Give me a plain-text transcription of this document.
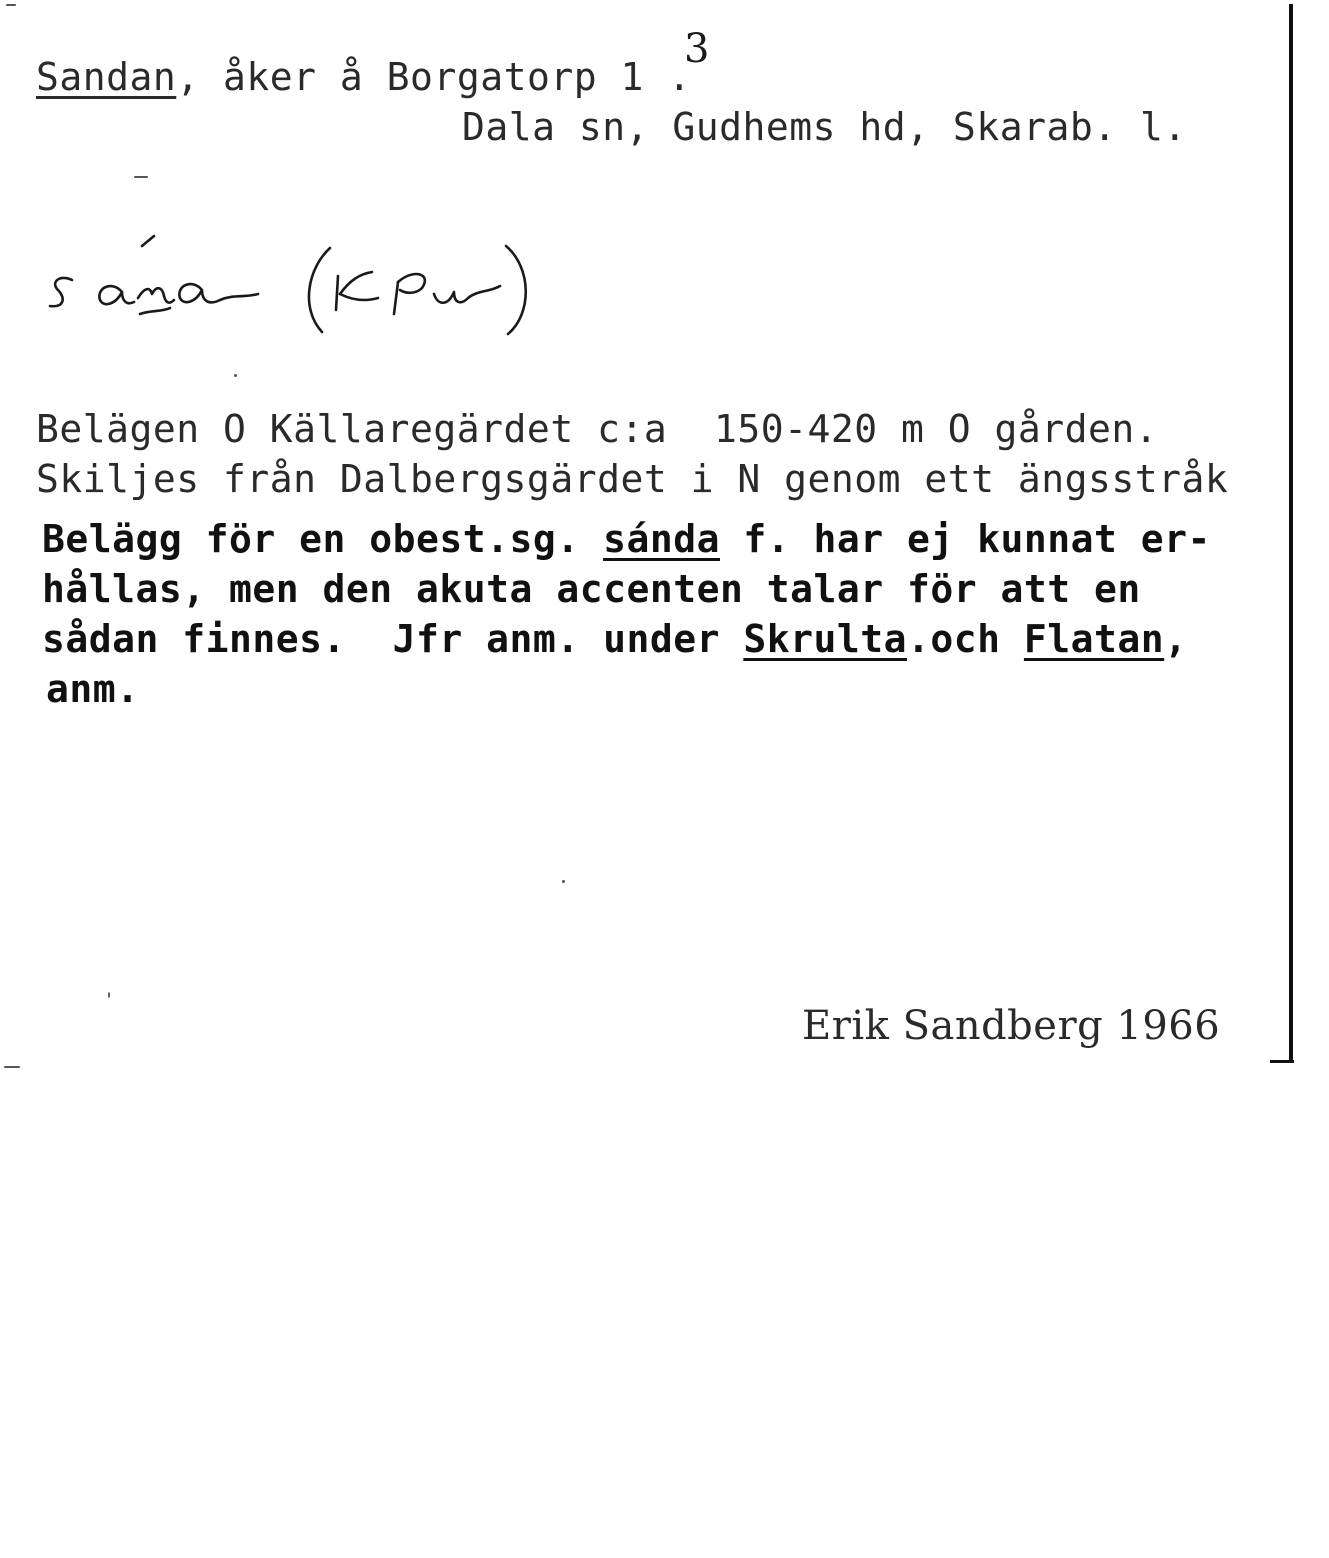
Sandan, åker å Borgatorp 1 .
3
Dala sn, Gudhems hd, Skarab. l.
sána (KPu)
Belägen O Källaregärdet c:a  150-420 m O gården.
Skiljes från Dalbergsgärdet i N genom ett ängsstråk
Belägg för en obest.sg. sánda f. har ej kunnat er-
hållas, men den akuta accenten talar för att en
sådan finnes.  Jfr anm. under Skrulta.och Flatan,
anm.
Erik Sandberg 1966
